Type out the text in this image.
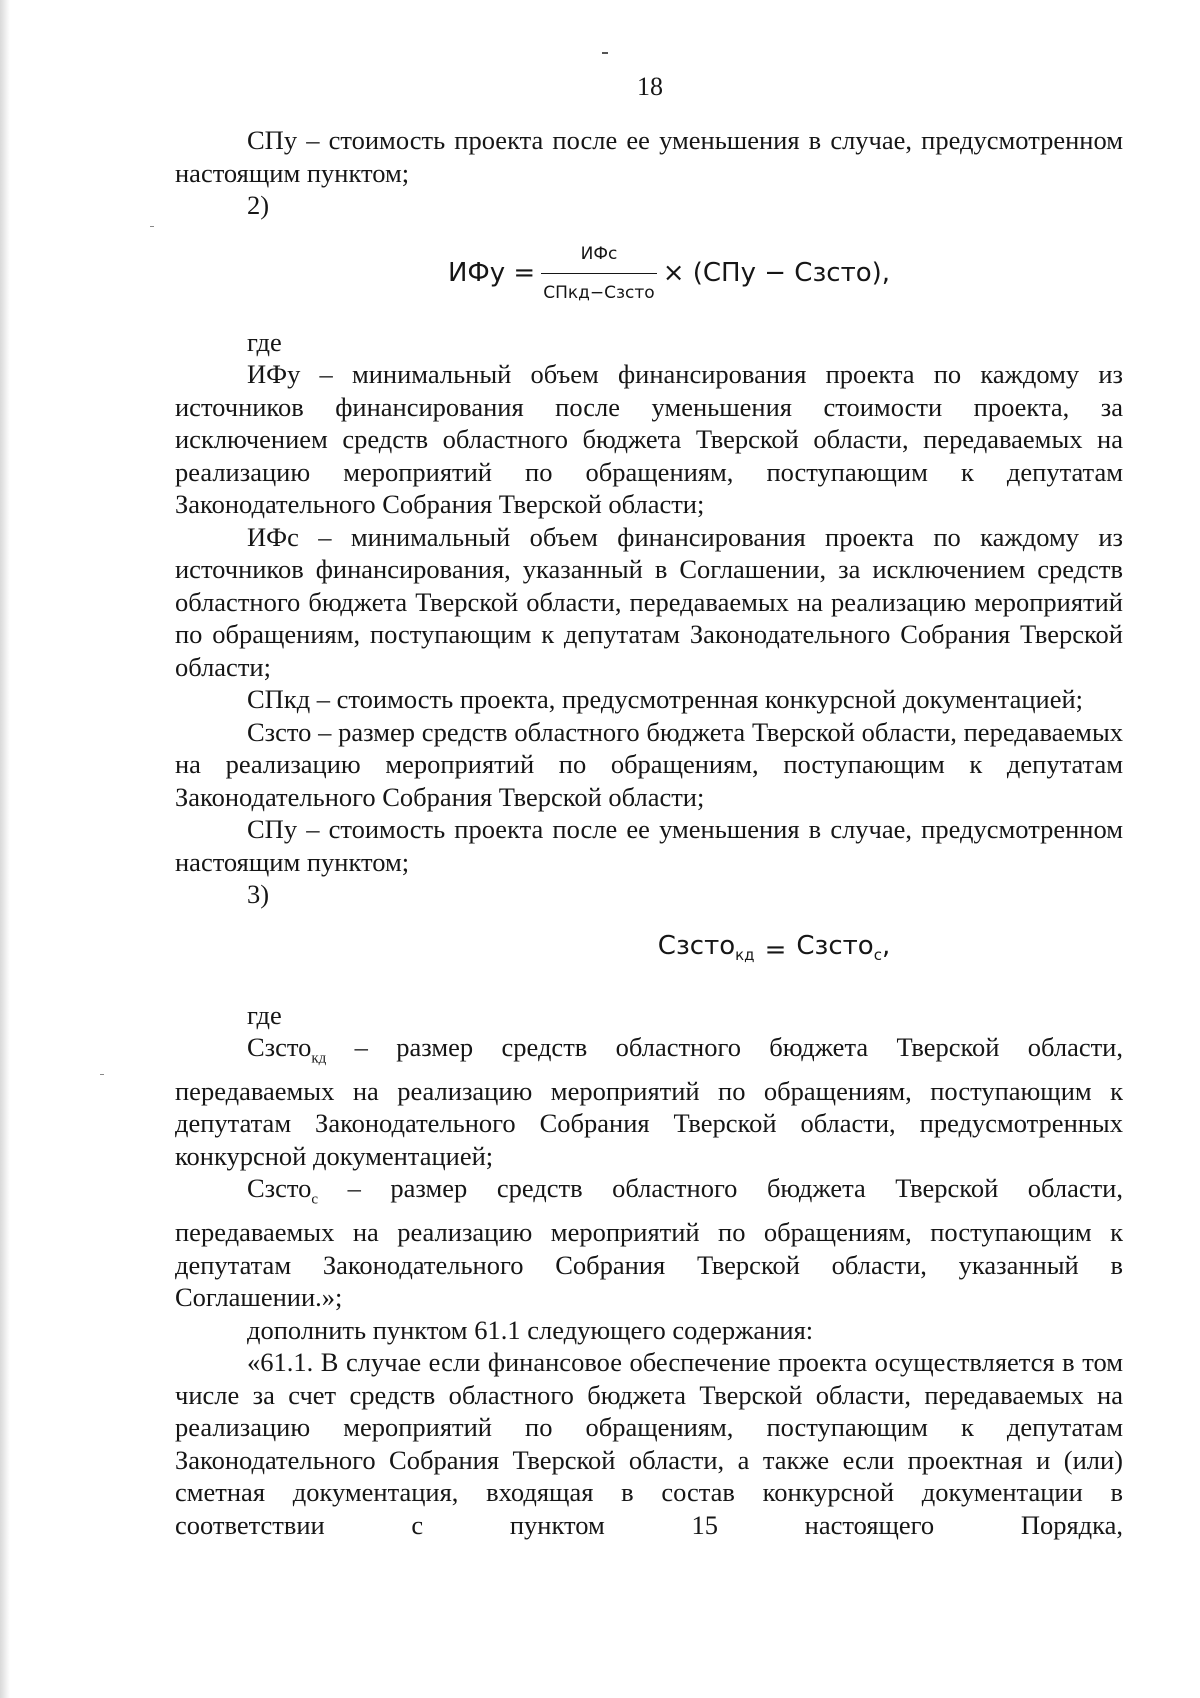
18

СПу – стоимость проекта после ее уменьшения в случае, предусмотренном настоящим пунктом;

2)

ИФу = $\frac{\text{ИФс}}{\text{СПкд−Сзсто}} \times (СПу$ − Сзсто),

где

ИФу – минимальный объем финансирования проекта по каждому из источников финансирования после уменьшения стоимости проекта, за исключением средств областного бюджета Тверской области, передаваемых на реализацию мероприятий по обращениям, поступающим к депутатам Законодательного Собрания Тверской области;

ИФс – минимальный объем финансирования проекта по каждому из источников финансирования, указанный в Соглашении, за исключением средств областного бюджета Тверской области, передаваемых на реализацию мероприятий по обращениям, поступающим к депутатам Законодательного Собрания Тверской области;

СПкд – стоимость проекта, предусмотренная конкурсной документацией;

Сзсто – размер средств областного бюджета Тверской области, передаваемых на реализацию мероприятий по обращениям, поступающим к депутатам Законодательного Собрания Тверской области;

СПу – стоимость проекта после ее уменьшения в случае, предусмотренном настоящим пунктом;

3)

Сзсто$_{кд}$ = Сзсто$_с$,

где

Сзсто$_{кд}$ – размер средств областного бюджета Тверской области, передаваемых на реализацию мероприятий по обращениям, поступающим к депутатам Законодательного Собрания Тверской области, предусмотренных конкурсной документацией;

Сзсто$_с$ – размер средств областного бюджета Тверской области, передаваемых на реализацию мероприятий по обращениям, поступающим к депутатам Законодательного Собрания Тверской области, указанный в Соглашении.»;

дополнить пунктом 61.1 следующего содержания:

«61.1. В случае если финансовое обеспечение проекта осуществляется в том числе за счет средств областного бюджета Тверской области, передаваемых на реализацию мероприятий по обращениям, поступающим к депутатам Законодательного Собрания Тверской области, а также если проектная и (или) сметная документация, входящая в состав конкурсной документации в соответствии с пунктом 15 настоящего Порядка,
